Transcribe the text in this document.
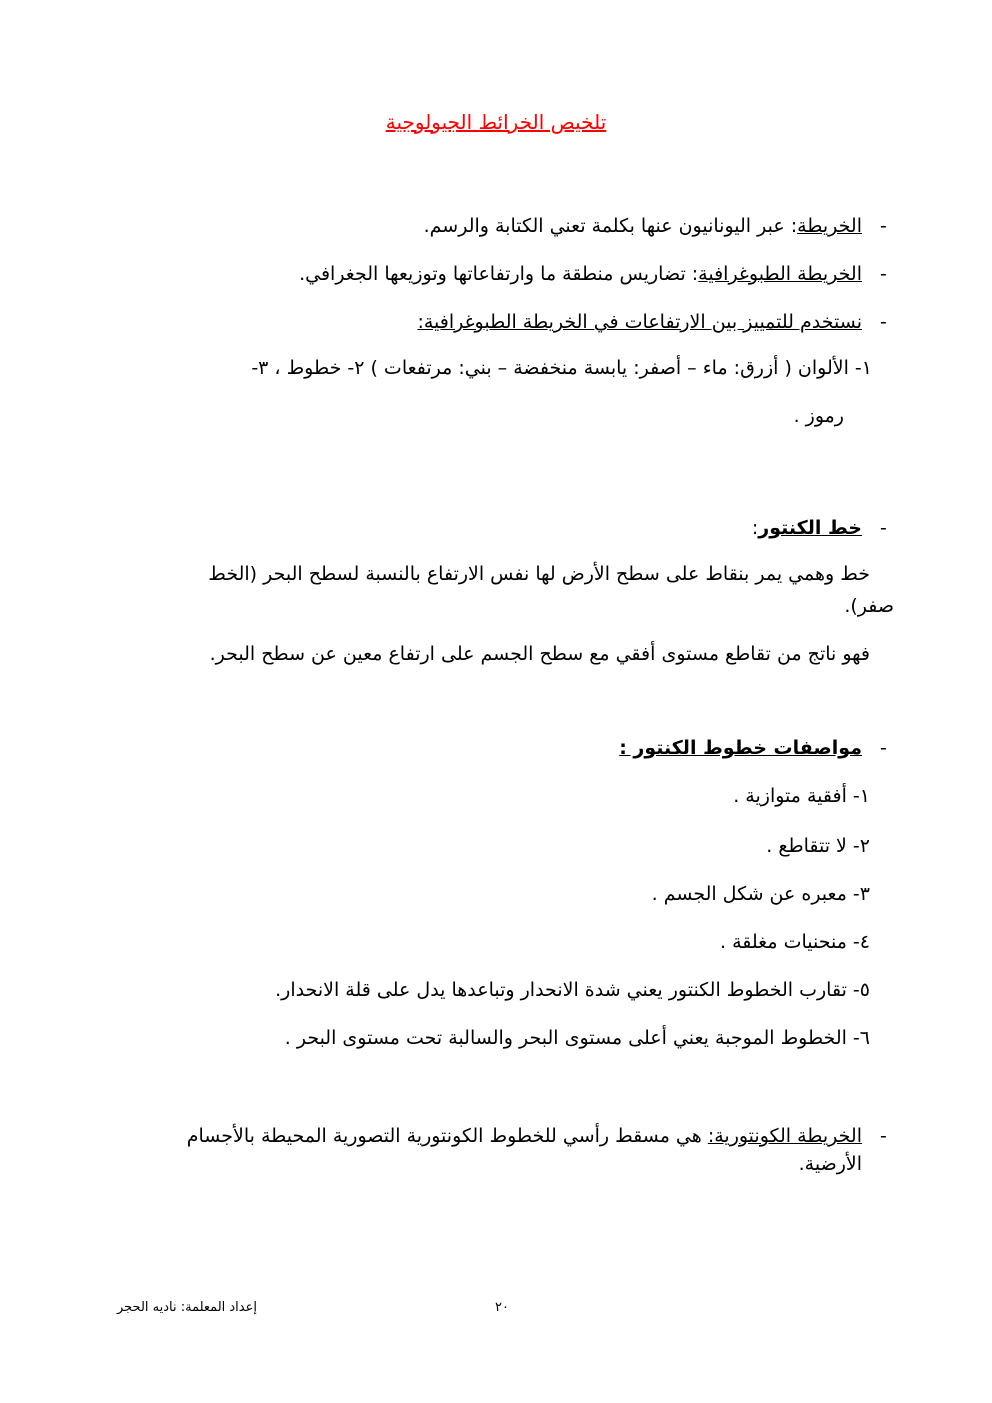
تلخيص الخرائط الجيولوجية
-
الخريطة: عبر اليونانيون عنها بكلمة تعني الكتابة والرسم.
-
الخريطة الطبوغرافية: تضاريس منطقة ما وارتفاعاتها وتوزيعها الجغرافي.
-
نستخدم للتمييز بين الارتفاعات في الخريطة الطبوغرافية:
١- الألوان ( أزرق: ماء – أصفر: يابسة منخفضة – بني: مرتفعات ) ٢- خطوط ، ٣-
رموز .
-
خط الكنتور:
خط وهمي يمر بنقاط على سطح الأرض لها نفس الارتفاع بالنسبة لسطح البحر (الخط
صفر).
فهو ناتج من تقاطع مستوى أفقي مع سطح الجسم على ارتفاع معين عن سطح البحر.
-
مواصفات خطوط الكنتور :
١- أفقية متوازية .
٢- لا تتقاطع .
٣- معبره عن شكل الجسم .
٤- منحنيات مغلقة .
٥- تقارب الخطوط الكنتور يعني شدة الانحدار وتباعدها يدل على قلة الانحدار.
٦- الخطوط الموجبة يعني أعلى مستوى البحر والسالبة تحت مستوى البحر .
-
الخريطة الكونتورية: هي مسقط رأسي للخطوط الكونتورية التصورية المحيطة بالأجسام
الأرضية.
٢٠
إعداد المعلمة: ناديه الحجر
